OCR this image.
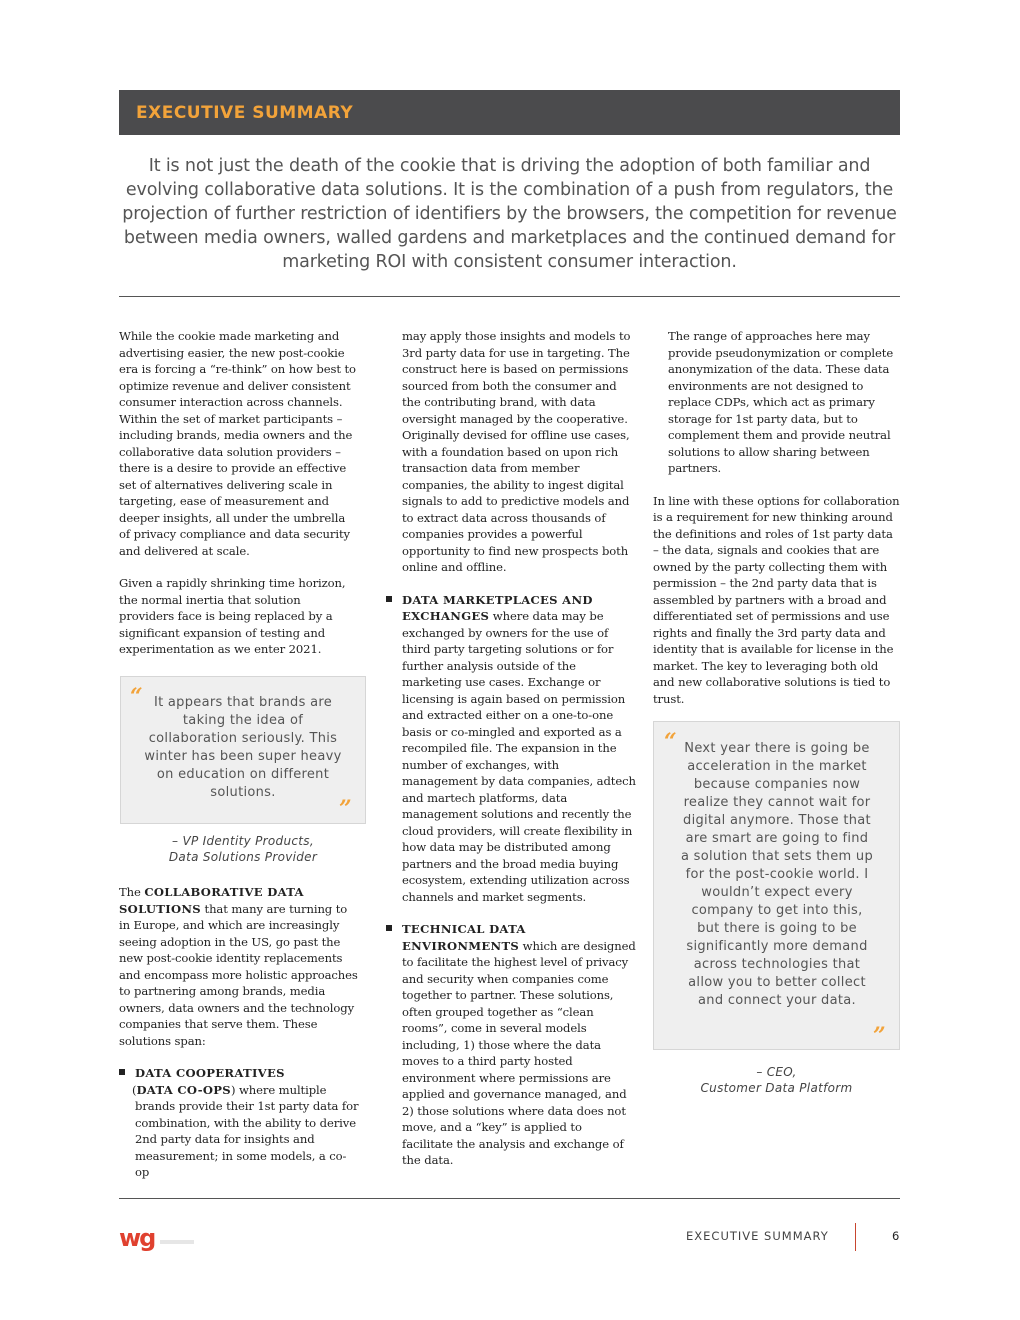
EXECUTIVE SUMMARY

It is not just the death of the cookie that is driving the adoption of both familiar and evolving collaborative data solutions. It is the combination of a push from regulators, the projection of further restriction of identifiers by the browsers, the competition for revenue between media owners, walled gardens and marketplaces and the continued demand for marketing ROI with consistent consumer interaction.

While the cookie made marketing and advertising easier, the new post-cookie era is forcing a “re-think” on how best to optimize revenue and deliver consistent consumer interaction across channels. Within the set of market participants – including brands, media owners and the collaborative data solution providers – there is a desire to provide an effective set of alternatives delivering scale in targeting, ease of measurement and deeper insights, all under the umbrella of privacy compliance and data security and delivered at scale.

Given a rapidly shrinking time horizon, the normal inertia that solution providers face is being replaced by a significant expansion of testing and experimentation as we enter 2021.

“ It appears that brands are taking the idea of collaboration seriously. This winter has been super heavy on education on different solutions.
”
– VP Identity Products,
Data Solutions Provider

The COLLABORATIVE DATA SOLUTIONS that many are turning to in Europe, and which are increasingly seeing adoption in the US, go past the new post-cookie identity replacements and encompass more holistic approaches to partnering among brands, media owners, data owners and the technology companies that serve them. These solutions span:

DATA COOPERATIVES
(DATA CO-OPS) where multiple brands provide their 1st party data for combination, with the ability to derive 2nd party data for insights and measurement; in some models, a co-op

may apply those insights and models to 3rd party data for use in targeting. The construct here is based on permissions sourced from both the consumer and the contributing brand, with data oversight managed by the cooperative. Originally devised for offline use cases, with a foundation based on upon rich transaction data from member companies, the ability to ingest digital signals to add to predictive models and to extract data across thousands of companies provides a powerful opportunity to find new prospects both online and offline.

DATA MARKETPLACES AND EXCHANGES where data may be exchanged by owners for the use of third party targeting solutions or for further analysis outside of the marketing use cases. Exchange or licensing is again based on permission and extracted either on a one-to-one basis or co-mingled and exported as a recompiled file. The expansion in the number of exchanges, with management by data companies, adtech and martech platforms, data management solutions and recently the cloud providers, will create flexibility in how data may be distributed among partners and the broad media buying ecosystem, extending utilization across channels and market segments.
TECHNICAL DATA ENVIRONMENTS which are designed to facilitate the highest level of privacy and security when companies come together to partner. These solutions, often grouped together as “clean rooms”, come in several models including, 1) those where the data moves to a third party hosted environment where permissions are applied and governance managed, and 2) those solutions where data does not move, and a “key” is applied to facilitate the analysis and exchange of the data.

The range of approaches here may provide pseudonymization or complete anonymization of the data. These data environments are not designed to replace CDPs, which act as primary storage for 1st party data, but to complement them and provide neutral solutions to allow sharing between partners.

In line with these options for collaboration is a requirement for new thinking around the definitions and roles of 1st party data – the data, signals and cookies that are owned by the party collecting them with permission – the 2nd party data that is assembled by partners with a broad and differentiated set of permissions and use rights and finally the 3rd party data and identity that is available for license in the market. The key to leveraging both old and new collaborative solutions is tied to trust.

“ Next year there is going be acceleration in the market because companies now realize they cannot wait for digital anymore. Those that are smart are going to find a solution that sets them up for the post-cookie world. I wouldn’t expect every company to get into this, but there is going to be significantly more demand across technologies that allow you to better collect and connect your data.
”
– CEO,
Customer Data Platform
wg	EXECUTIVE SUMMARY	6
